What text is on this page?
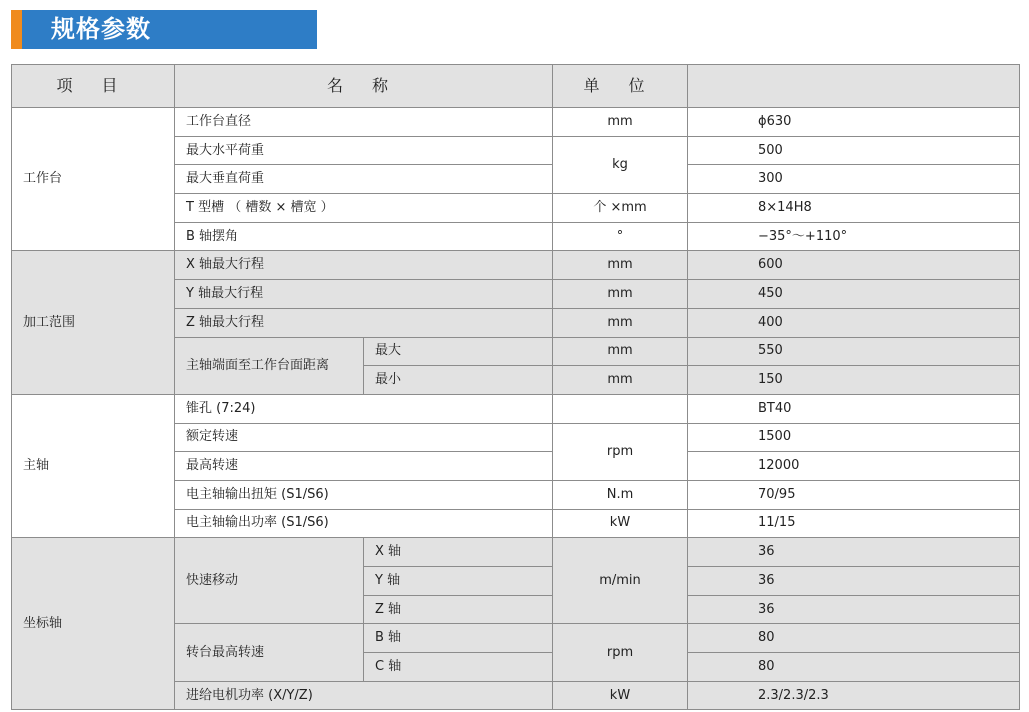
规格参数
项 目	名 称		单 位	
工作台	工作台直径		mm	ϕ630
	最大水平荷重		kg	500
	最大垂直荷重			300
	T 型槽 （ 槽数 × 槽宽 ）		个 ×mm	8×14H8
	B 轴摆角		°	−35°～+110°
加工范围	X 轴最大行程		mm	600
	Y 轴最大行程		mm	450
	Z 轴最大行程		mm	400
	主轴端面至工作台面距离	最大	mm	550
		最小	mm	150
主轴	锥孔 (7:24)			BT40
	额定转速		rpm	1500
	最高转速			12000
	电主轴输出扭矩 (S1/S6)		N.m	70/95
	电主轴输出功率 (S1/S6)		kW	11/15
坐标轴	快速移动	X 轴	m/min	36
		Y 轴		36
		Z 轴		36
	转台最高转速	B 轴	rpm	80
		C 轴		80
	进给电机功率 (X/Y/Z)		kW	2.3/2.3/2.3
